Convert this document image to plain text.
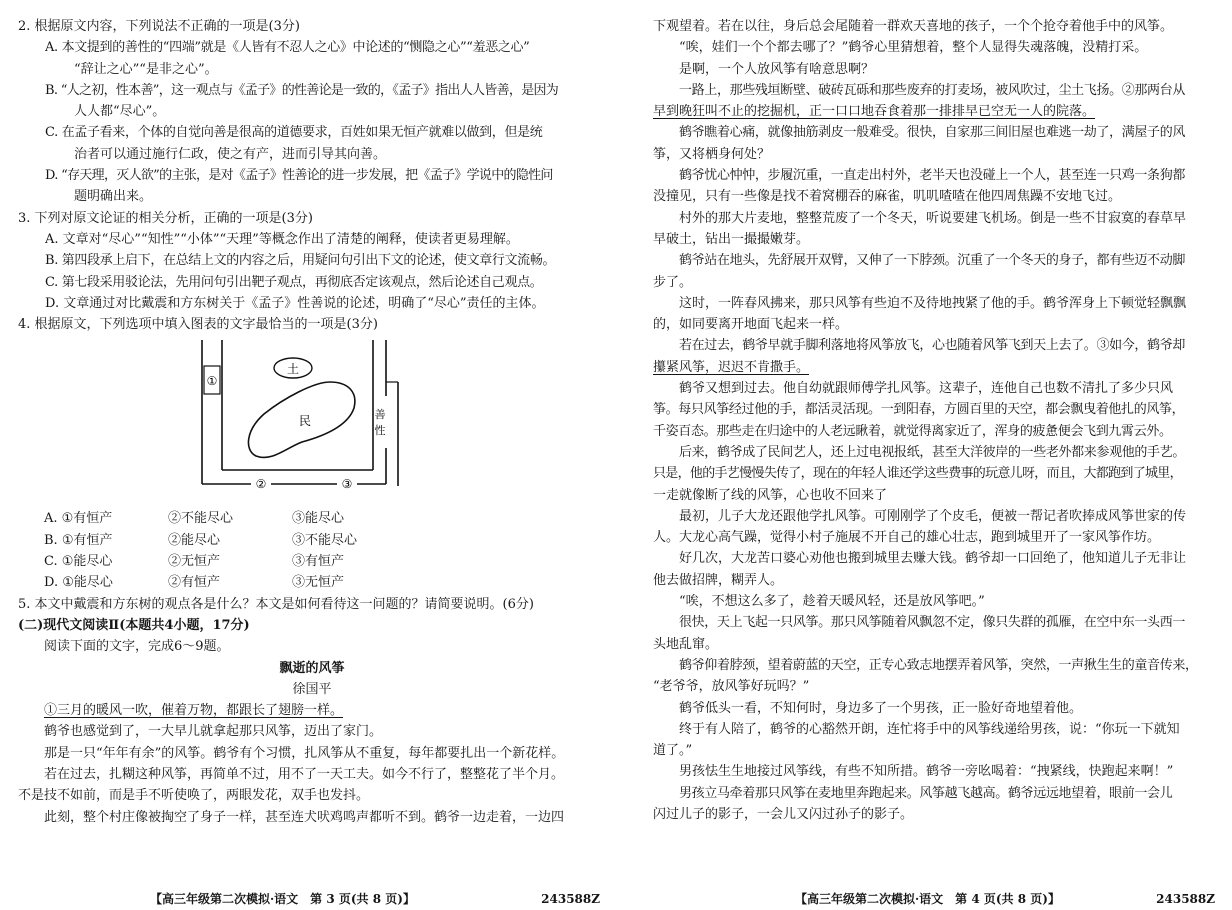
2. 根据原文内容，下列说法不正确的一项是(3分)

A. 本文提到的善性的“四端”就是《人皆有不忍人之心》中论述的“恻隐之心”“羞恶之心”

“辞让之心”“是非之心”。

B. “人之初，性本善”，这一观点与《孟子》的性善论是一致的，《孟子》指出人人皆善，是因为

人人都“尽心”。

C. 在孟子看来，个体的自觉向善是很高的道德要求，百姓如果无恒产就难以做到，但是统

治者可以通过施行仁政，使之有产，进而引导其向善。

D. “存天理，灭人欲”的主张，是对《孟子》性善论的进一步发展，把《孟子》学说中的隐性问

题明确出来。

3. 下列对原文论证的相关分析，正确的一项是(3分)

A. 文章对“尽心”“知性”“小体”“天理”等概念作出了清楚的阐释，使读者更易理解。

B. 第四段承上启下，在总结上文的内容之后，用疑问句引出下文的论述，使文章行文流畅。

C. 第七段采用驳论法，先用问句引出靶子观点，再彻底否定该观点，然后论述自己观点。

D. 文章通过对比戴震和方东树关于《孟子》性善说的论述，明确了“尽心”责任的主体。

4. 根据原文，下列选项中填入图表的文字最恰当的一项是(3分)

土
民
①
善
性
②	③
A. ①有恒产	②不能尽心	③能尽心
B. ①有恒产	②能尽心	③不能尽心
C. ①能尽心	②无恒产	③有恒产
D. ①能尽心	②有恒产	③无恒产

5. 本文中戴震和方东树的观点各是什么？本文是如何看待这一问题的？请简要说明。(6分)

(二)现代文阅读Ⅱ(本题共4小题，17分)

阅读下面的文字，完成6～9题。

飘逝的风筝

徐国平

①三月的暖风一吹，催着万物，都跟长了翅膀一样。

鹤爷也感觉到了，一大早儿就拿起那只风筝，迈出了家门。

那是一只“年年有余”的风筝。鹤爷有个习惯，扎风筝从不重复，每年都要扎出一个新花样。

若在过去，扎糊这种风筝，再简单不过，用不了一天工夫。如今不行了，整整花了半个月。

不是技不如前，而是手不听使唤了，两眼发花，双手也发抖。

此刻，整个村庄像被掏空了身子一样，甚至连犬吠鸡鸣声都听不到。鹤爷一边走着，一边四

【高三年级第二次模拟·语文　第 3 页(共 8 页)】	243588Z

下观望着。若在以往，身后总会尾随着一群欢天喜地的孩子，一个个抢夺着他手中的风筝。

“唉，娃们一个个都去哪了？”鹤爷心里猜想着，整个人显得失魂落魄，没精打采。

是啊，一个人放风筝有啥意思啊？

一路上，那些残垣断壁、破砖瓦砾和那些废弃的打麦场，被风吹过，尘土飞扬。②那两台从

早到晚狂叫不止的挖掘机，正一口口地吞食着那一排排早已空无一人的院落。

鹤爷瞧着心痛，就像抽筋剥皮一般难受。很快，自家那三间旧屋也难逃一劫了，满屋子的风

筝，又将栖身何处？

鹤爷忧心忡忡，步履沉重，一直走出村外，老半天也没碰上一个人，甚至连一只鸡一条狗都

没撞见，只有一些像是找不着窝棚吞的麻雀，叽叽喳喳在他四周焦躁不安地飞过。

村外的那大片麦地，整整荒废了一个冬天，听说要建飞机场。倒是一些不甘寂寞的春草早

早破土，钻出一撮撮嫩芽。

鹤爷站在地头，先舒展开双臂，又伸了一下脖颈。沉重了一个冬天的身子，都有些迈不动脚

步了。

这时，一阵春风拂来，那只风筝有些迫不及待地拽紧了他的手。鹤爷浑身上下顿觉轻飘飘

的，如同要离开地面飞起来一样。

若在过去，鹤爷早就手脚利落地将风筝放飞，心也随着风筝飞到天上去了。③如今，鹤爷却

攥紧风筝，迟迟不肯撒手。

鹤爷又想到过去。他自幼就跟师傅学扎风筝。这辈子，连他自己也数不清扎了多少只风

筝。每只风筝经过他的手，都活灵活现。一到阳春，方圆百里的天空，都会飘曳着他扎的风筝，

千姿百态。那些走在归途中的人老远瞅着，就觉得离家近了，浑身的疲惫便会飞到九霄云外。

后来，鹤爷成了民间艺人，还上过电视报纸，甚至大洋彼岸的一些老外都来参观他的手艺。

只是，他的手艺慢慢失传了，现在的年轻人谁还学这些费事的玩意儿呀，而且，大都跑到了城里，

一走就像断了线的风筝，心也收不回来了

最初，儿子大龙还跟他学扎风筝。可刚刚学了个皮毛，便被一帮记者吹捧成风筝世家的传

人。大龙心高气躁，觉得小村子施展不开自己的雄心壮志，跑到城里开了一家风筝作坊。

好几次，大龙苦口婆心劝他也搬到城里去赚大钱。鹤爷却一口回绝了，他知道儿子无非让

他去做招牌，糊弄人。

“唉，不想这么多了，趁着天暖风轻，还是放风筝吧。”

很快，天上飞起一只风筝。那只风筝随着风飘忽不定，像只失群的孤雁，在空中东一头西一

头地乱窜。

鹤爷仰着脖颈，望着蔚蓝的天空，正专心致志地摆弄着风筝，突然，一声揪生生的童音传来，

“老爷爷，放风筝好玩吗？”

鹤爷低头一看，不知何时，身边多了一个男孩，正一脸好奇地望着他。

终于有人陪了，鹤爷的心豁然开朗，连忙将手中的风筝线递给男孩，说：“你玩一下就知

道了。”

男孩怯生生地接过风筝线，有些不知所措。鹤爷一旁吆喝着：“拽紧线，快跑起来啊！”

男孩立马牵着那只风筝在麦地里奔跑起来。风筝越飞越高。鹤爷远远地望着，眼前一会儿

闪过儿子的影子，一会儿又闪过孙子的影子。

【高三年级第二次模拟·语文　第 4 页(共 8 页)】	243588Z
